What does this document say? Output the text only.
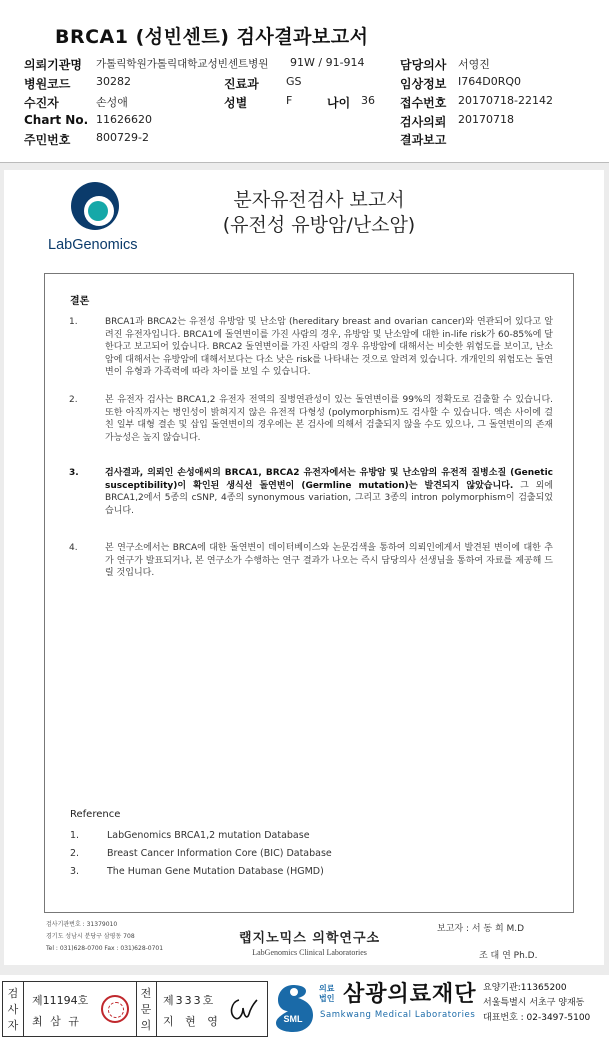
BRCA1 (성빈센트) 검사결과보고서
의뢰기관명 가톨릭학원가톨릭대학교성빈센트병원 91W / 91-914	담당의사 서영진
병원코드 30282	진료과 GS	임상정보 I764D0RQ0
수진자	손성애	성별	F	나이 36 접수번호 20170718-22142
Chart No. 11626620	검사의뢰 20170718
주민번호 800729-2	결과보고
LabGenomics
분자유전검사 보고서
(유전성 유방암/난소암)
결론
1.	BRCA1과 BRCA2는 유전성 유방암 및 난소암 (hereditary breast and ovarian cancer)와 연관되어 있다고 알려진 유전자입니다. BRCA1에 돌연변이를 가진 사람의 경우, 유방암 및 난소암에 대한 in-life risk가 60-85%에 달한다고 보고되어 있습니다. BRCA2 돌연변이를 가진 사람의 경우 유방암에 대해서는 비슷한 위험도를 보이고, 난소암에 대해서는 유방암에 대해서보다는 다소 낮은 risk를 나타내는 것으로 알려져 있습니다. 개개인의 위험도는 돌연변이 유형과 가족력에 따라 차이를 보일 수 있습니다.
2.	본 유전자 검사는 BRCA1,2 유전자 전역의 질병연관성이 있는 돌연변이를 99%의 정확도로 검출할 수 있습니다. 또한 아직까지는 병인성이 밝혀지지 않은 유전적 다형성 (polymorphism)도 검사할 수 있습니다. 엑손 사이에 걸친 일부 대형 결손 및 삽입 돌연변이의 경우에는 본 검사에 의해서 검출되지 않을 수도 있으나, 그 돌연변이의 존재 가능성은 높지 않습니다.
3.	검사결과, 의뢰인 손성애씨의 BRCA1, BRCA2 유전자에서는 유방암 및 난소암의 유전적 질병소질 (Genetic susceptibility)이 확인된 생식선 돌연변이 (Germline mutation)는 발견되지 않았습니다. 그 외에 BRCA1,2에서 5종의 cSNP, 4종의 synonymous variation, 그리고 3종의 intron polymorphism이 검출되었습니다.
4.	본 연구소에서는 BRCA에 대한 돌연변이 데이터베이스와 논문검색을 통하여 의뢰인에게서 발견된 변이에 대한 추가 연구가 발표되거나, 본 연구소가 수행하는 연구 결과가 나오는 즉시 담당의사 선생님을 통하여 자료를 제공해 드릴 것입니다.
Reference
1.	LabGenomics BRCA1,2 mutation Database
2.	Breast Cancer Information Core (BIC) Database
3.	The Human Gene Mutation Database (HGMD)
검사기관번호 : 31379010
경기도 성남시 분당구 삼평동 708
Tel : 031)628-0700 Fax : 031)628-0701
랩지노믹스 의학연구소
LabGenomics Clinical Laboratories
보고자 : 서 동 희 M.D
조 대 연 Ph.D.
검사자
제11194호
최 삼 규
전문의
제333호
지 현 영	SML
의료
법인 삼광의료재단
Samkwang Medical Laboratories
요양기관:11365200
서울특별시 서초구 양재동
대표번호 : 02-3497-5100
